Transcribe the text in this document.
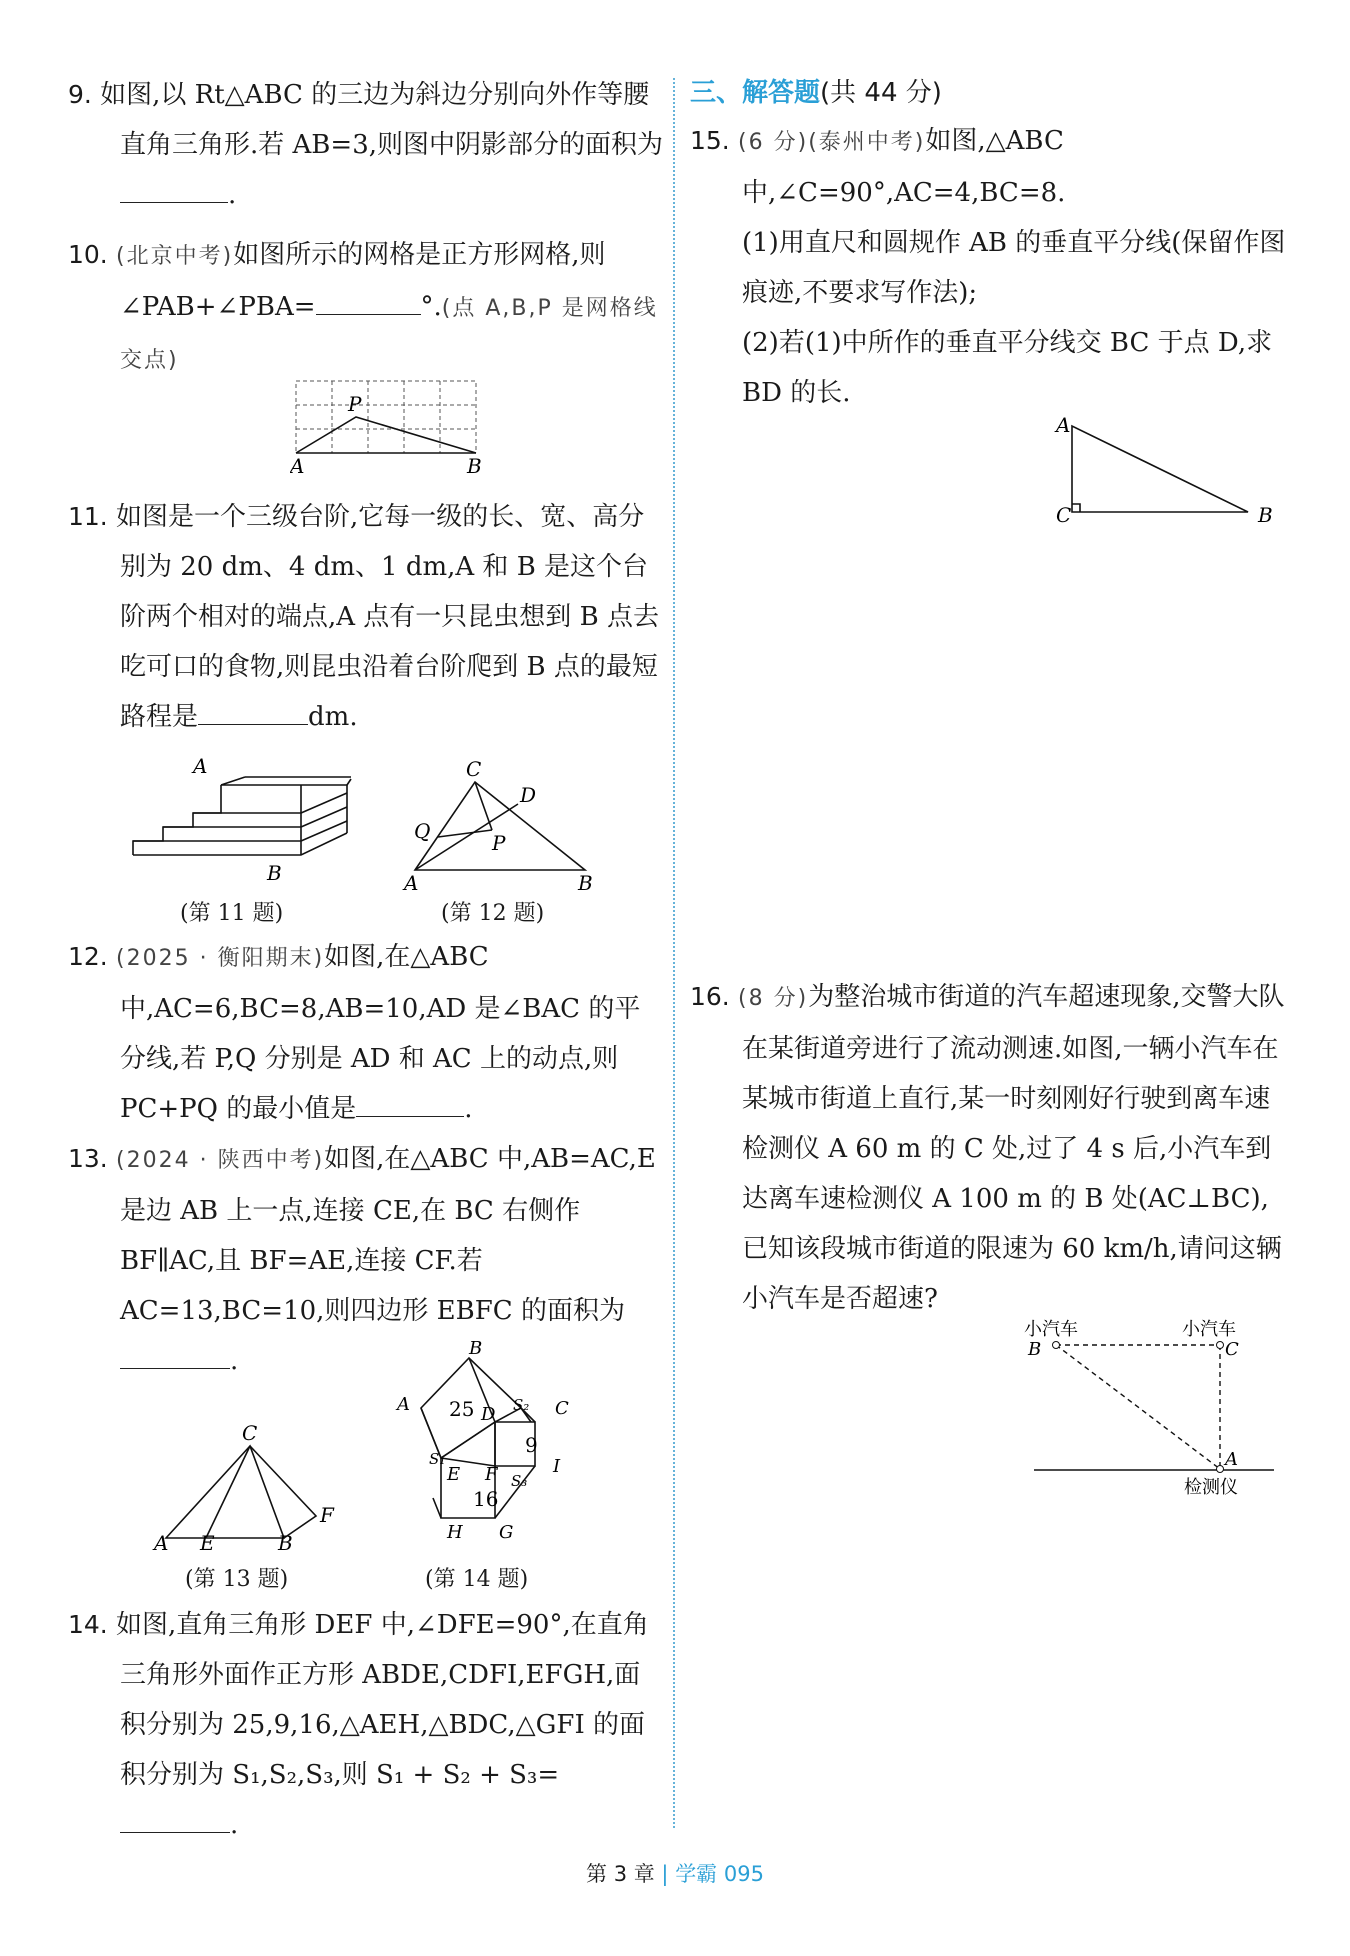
9. 如图,以 Rt△ABC 的三边为斜边分别向外作等腰直角三角形.若 AB=3,则图中阴影部分的面积为.
10. (北京中考)如图所示的网格是正方形网格,则∠PAB+∠PBA=	°.(点 A,B,P 是网格线交点)
P
A	B
11. 如图是一个三级台阶,它每一级的长、宽、高分别为 20 dm、4 dm、1 dm,A 和 B 是这个台阶两个相对的端点,A 点有一只昆虫想到 B 点去吃可口的食物,则昆虫沿着台阶爬到 B 点的最短路程是	dm.
A
B
(第 11 题)
C
D
Q	P
A	B
(第 12 题)
12. (2025 · 衡阳期末)如图,在△ABC 中,AC=6,BC=8,AB=10,AD 是∠BAC 的平分线,若 P,Q 分别是 AD 和 AC 上的动点,则 PC+PQ 的最小值是	.
13. (2024 · 陕西中考)如图,在△ABC 中,AB=AC,E 是边 AB 上一点,连接 CE,在 BC 右侧作 BF∥AC,且 BF=AE,连接 CF.若 AC=13,BC=10,则四边形 EBFC 的面积为.
C
F
A E	B
(第 13 题)
B
A	C
D S₂
S₁
E F S₃
I
H G
25
9
16
(第 14 题)
14. 如图,直角三角形 DEF 中,∠DFE=90°,在直角三角形外面作正方形 ABDE,CDFI,EFGH,面积分别为 25,9,16,△AEH,△BDC,△GFI 的面积分别为 S₁,S₂,S₃,则 S₁ + S₂ + S₃=.
三、解答题(共 44 分)
15. (6 分)(泰州中考)如图,△ABC 中,∠C=90°,AC=4,BC=8.
(1)用直尺和圆规作 AB 的垂直平分线(保留作图痕迹,不要求写作法);
(2)若(1)中所作的垂直平分线交 BC 于点 D,求 BD 的长.
A
C	B
16. (8 分)为整治城市街道的汽车超速现象,交警大队在某街道旁进行了流动测速.如图,一辆小汽车在某城市街道上直行,某一时刻刚好行驶到离车速检测仪 A 60 m 的 C 处,过了 4 s 后,小汽车到达离车速检测仪 A 100 m 的 B 处(AC⊥BC),已知该段城市街道的限速为 60 km/h,请问这辆小汽车是否超速?
小汽车	小汽车
B	C
A
检测仪
第 3 章 | 学霸 095
